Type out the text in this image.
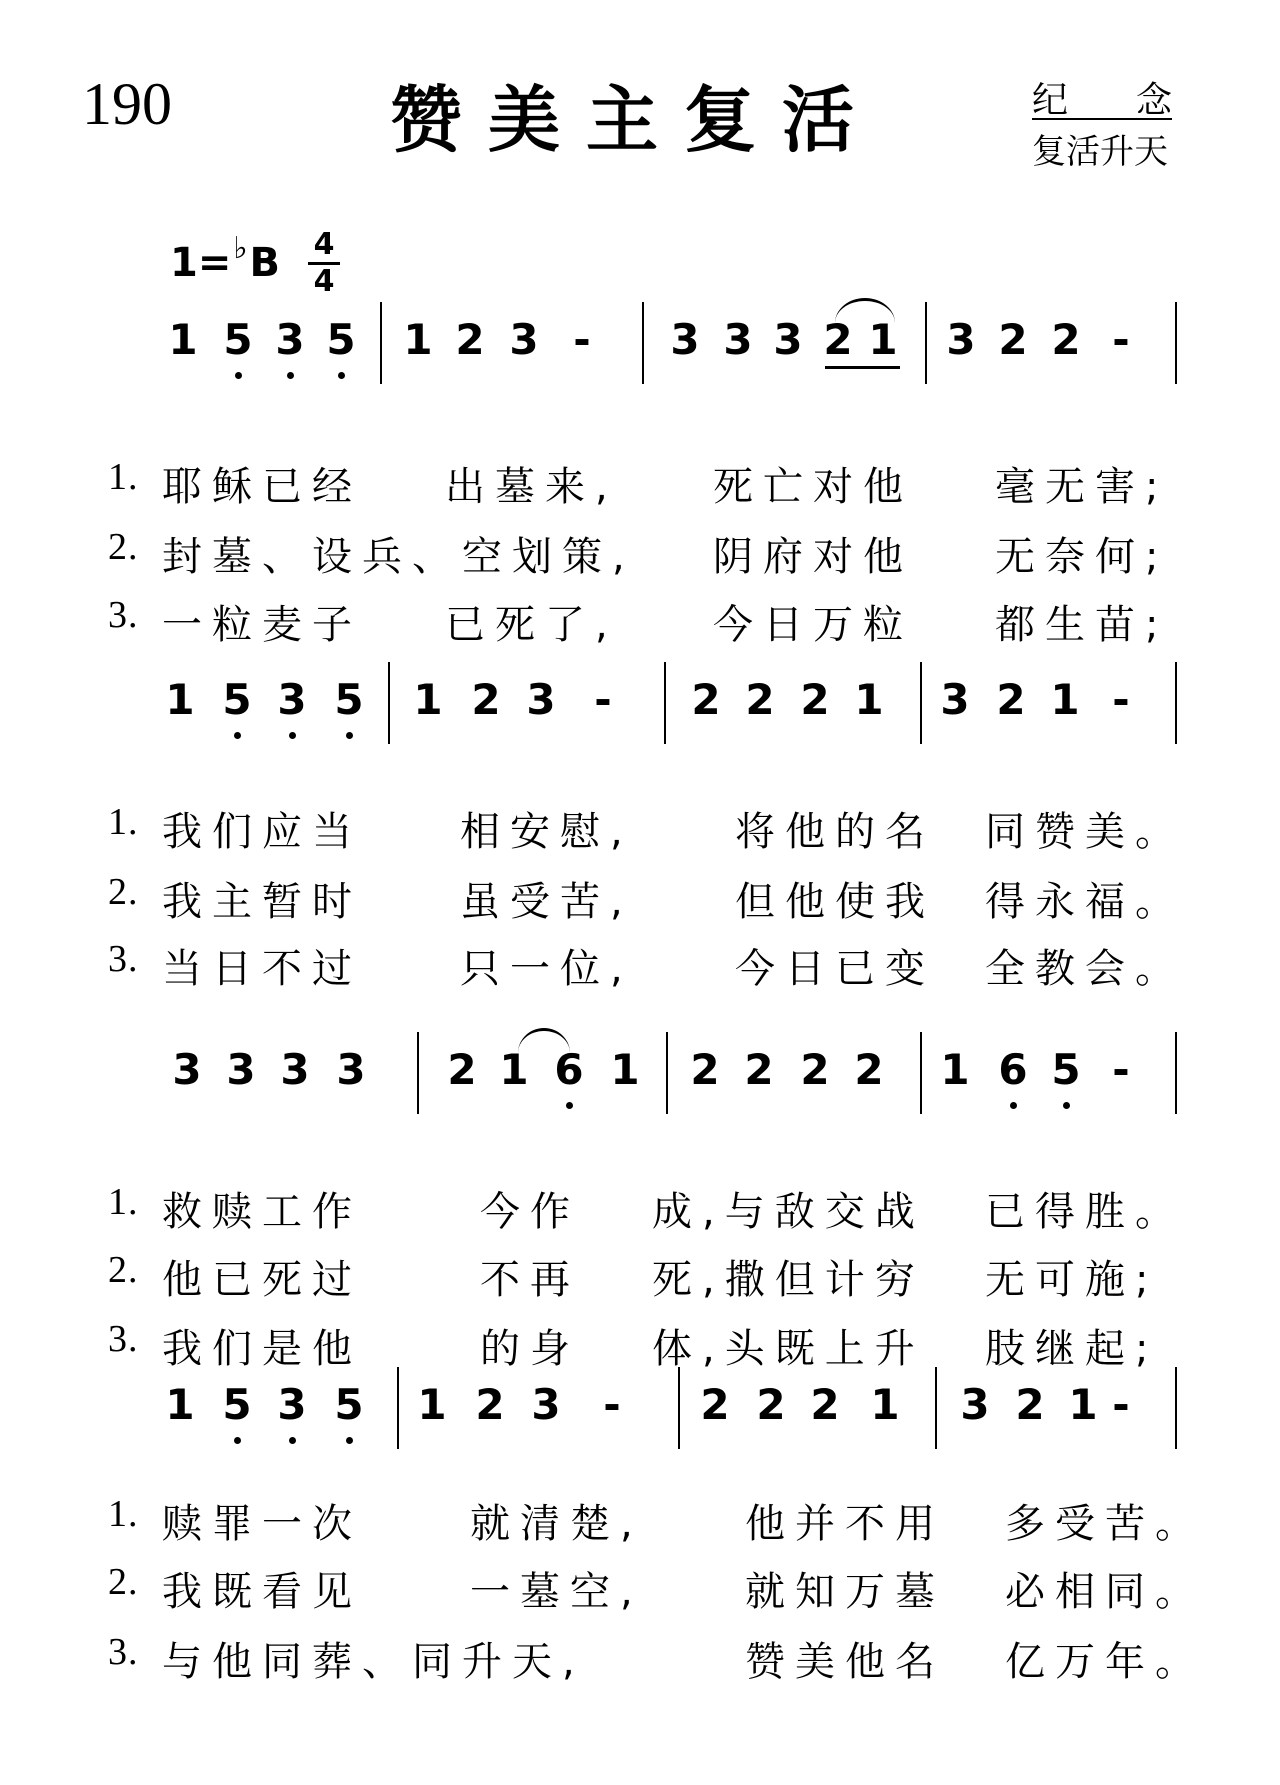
190	赞美主复活	纪 念
复活升天
1=♭B	4
4
1 5 3 5 1 2 3 - 3 3 3 2 1 3 2 2 -
1. 耶稣已经 出墓来, 死亡对他 毫无害;
2. 封墓、设兵、空划策, 阴府对他 无奈何;
3. 一粒麦子 已死了, 今日万粒 都生苗;
1 5 3 5 1 2 3 - 2 2 2 1 3 2 1 -
1. 我们应当 相安慰,	将他的名 同赞美。
2. 我主暂时 虽受苦,	但他使我 得永福。
3. 当日不过 只一位,	今日已变 全教会。
3 3 3 3 2 1 6 1 2 2 2 2 1 6 5 -
1. 救赎工作	今作 成,与敌交战 已得胜。
2. 他已死过	不再 死,撒但计穷 无可施;
3. 我们是他	的身 体,头既上升 肢继起;
1 5 3 5 1 2 3 - 2 2 2 1 3 2 1 -
1. 赎罪一次	就清楚,	他并不用 多受苦。
2. 我既看见	一墓空,	就知万墓 必相同。
3. 与他同葬、同升天,	赞美他名 亿万年。
